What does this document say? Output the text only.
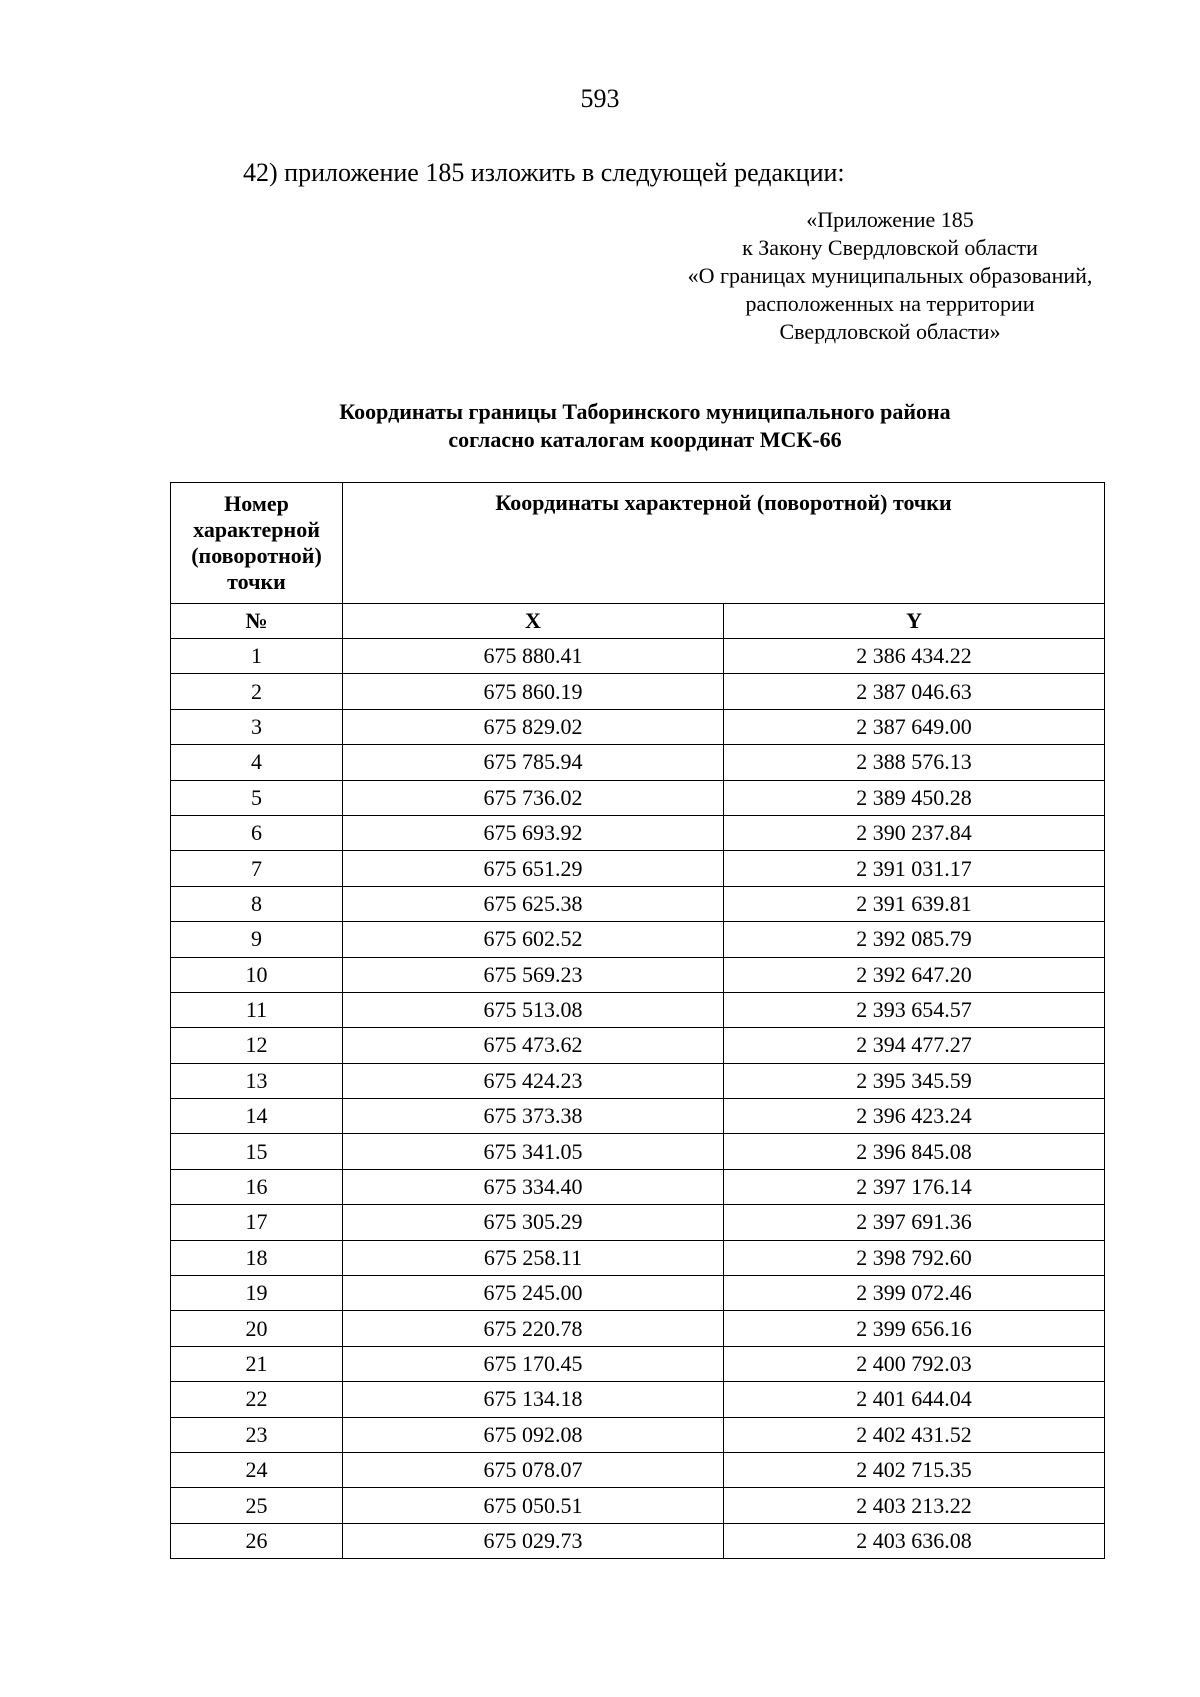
593
42) приложение 185 изложить в следующей редакции:
«Приложение 185
к Закону Свердловской области
«О границах муниципальных образований,
расположенных на территории
Свердловской области»
Координаты границы Таборинского муниципального района
согласно каталогам координат МСК-66
Номер
характерной
(поворотной)
точки	Координаты характерной (поворотной) точки	
№	X	Y
1	675 880.41	2 386 434.22
2	675 860.19	2 387 046.63
3	675 829.02	2 387 649.00
4	675 785.94	2 388 576.13
5	675 736.02	2 389 450.28
6	675 693.92	2 390 237.84
7	675 651.29	2 391 031.17
8	675 625.38	2 391 639.81
9	675 602.52	2 392 085.79
10	675 569.23	2 392 647.20
11	675 513.08	2 393 654.57
12	675 473.62	2 394 477.27
13	675 424.23	2 395 345.59
14	675 373.38	2 396 423.24
15	675 341.05	2 396 845.08
16	675 334.40	2 397 176.14
17	675 305.29	2 397 691.36
18	675 258.11	2 398 792.60
19	675 245.00	2 399 072.46
20	675 220.78	2 399 656.16
21	675 170.45	2 400 792.03
22	675 134.18	2 401 644.04
23	675 092.08	2 402 431.52
24	675 078.07	2 402 715.35
25	675 050.51	2 403 213.22
26	675 029.73	2 403 636.08
